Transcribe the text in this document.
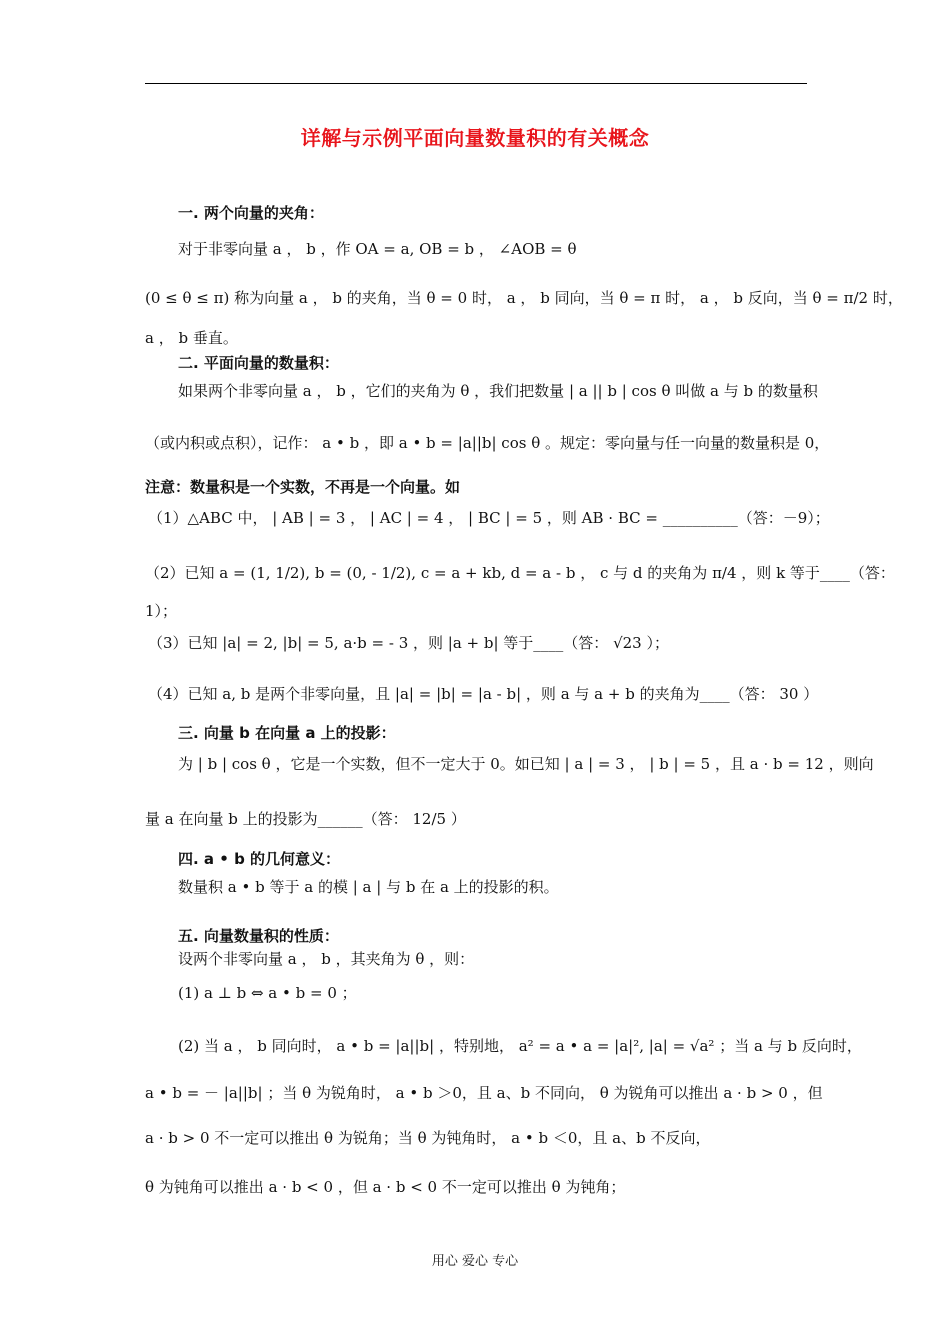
详解与示例平面向量数量积的有关概念
一. 两个向量的夹角：
对于非零向量 a ， b ，作 OA = a, OB = b ， ∠AOB = θ
(0 ≤ θ ≤ π) 称为向量 a ， b 的夹角，当 θ = 0 时， a ， b 同向，当 θ = π 时， a ， b 反向，当 θ = π/2 时，
a ， b 垂直。
二. 平面向量的数量积：
如果两个非零向量 a ， b ，它们的夹角为 θ ，我们把数量 | a || b | cos θ 叫做 a 与 b 的数量积
（或内积或点积），记作： a • b ，即 a • b = |a||b| cos θ 。规定：零向量与任一向量的数量积是 0，
注意：数量积是一个实数，不再是一个向量。如
（1）△ABC 中， | AB | = 3 ， | AC | = 4 ， | BC | = 5 ，则 AB · BC = __________（答：－9）；
（2）已知 a = (1, 1/2), b = (0, - 1/2), c = a + kb, d = a - b ， c 与 d 的夹角为 π/4 ，则 k 等于____（答：
1）；
（3）已知 |a| = 2, |b| = 5, a·b = - 3 ，则 |a + b| 等于____（答： √23 ）；
（4）已知 a, b 是两个非零向量，且 |a| = |b| = |a - b| ，则 a 与 a + b 的夹角为____（答： 30 ）
三. 向量 b 在向量 a 上的投影：
为 | b | cos θ ，它是一个实数，但不一定大于 0。如已知 | a | = 3 ， | b | = 5 ，且 a · b = 12 ，则向
量 a 在向量 b 上的投影为______（答： 12/5 ）
四. a • b 的几何意义：
数量积 a • b 等于 a 的模 | a | 与 b 在 a 上的投影的积。
五. 向量数量积的性质：
设两个非零向量 a ， b ，其夹角为 θ ，则：
(1) a ⊥ b ⇔ a • b = 0 ；
(2) 当 a ， b 同向时， a • b = |a||b| ，特别地， a² = a • a = |a|², |a| = √a² ；当 a 与 b 反向时，
a • b = － |a||b| ；当 θ 为锐角时， a • b ＞0，且 a、b 不同向， θ 为锐角可以推出 a · b > 0 ，但
a · b > 0 不一定可以推出 θ 为锐角；当 θ 为钝角时， a • b ＜0，且 a、b 不反向，
θ 为钝角可以推出 a · b < 0 ，但 a · b < 0 不一定可以推出 θ 为钝角；
用心 爱心 专心
